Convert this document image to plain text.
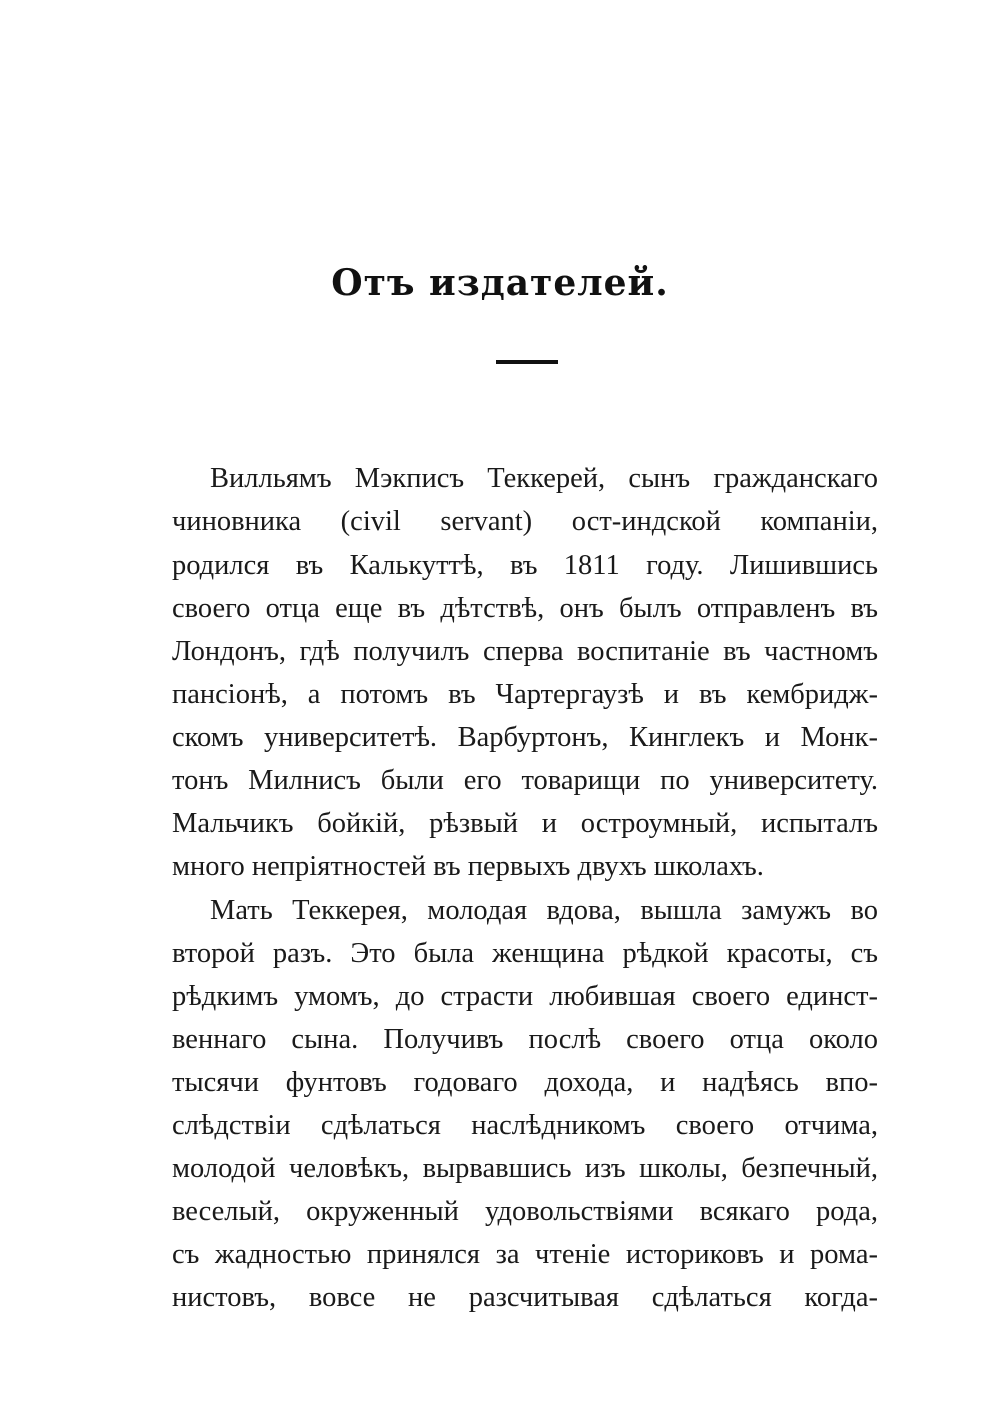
Отъ издателей.
Виллья‌мъ Мэкписъ Теккерей, сынъ гражданскаго
чиновника (civil servant) ост-индской компаніи,
родился въ Калькуттѣ, въ 1811 году. Лишившись
своего отца еще въ дѣтствѣ, онъ былъ отправленъ въ
Лондонъ, гдѣ получилъ сперва воспитаніе въ частномъ
пансіонѣ, а потомъ въ Чартергаузѣ и въ кембридж-
скомъ университетѣ. Варбуртонъ, Кинглекъ и Монк-
тонъ Милнисъ были его товарищи по университету.
Мальчикъ бойкій, рѣзвый и остроумный, испыталъ
много непріятностей въ первыхъ двухъ школахъ.
Мать Теккерея, молодая вдова, вышла замужъ во
второй разъ. Это была женщина рѣдкой красоты, съ
рѣдкимъ умомъ, до страсти любившая своего единст-
веннаго сына. Получивъ послѣ своего отца около
тысячи фунтовъ годоваго дохода, и надѣясь впо-
слѣдствіи сдѣлаться наслѣдникомъ своего отчима,
молодой человѣкъ, вырвавшись изъ школы, безпечный,
веселый, окруженный удовольствіями всякаго рода,
съ жадностью принялся за чтеніе историковъ и рома-
нистовъ, вовсе не разсчитывая сдѣлаться когда-
